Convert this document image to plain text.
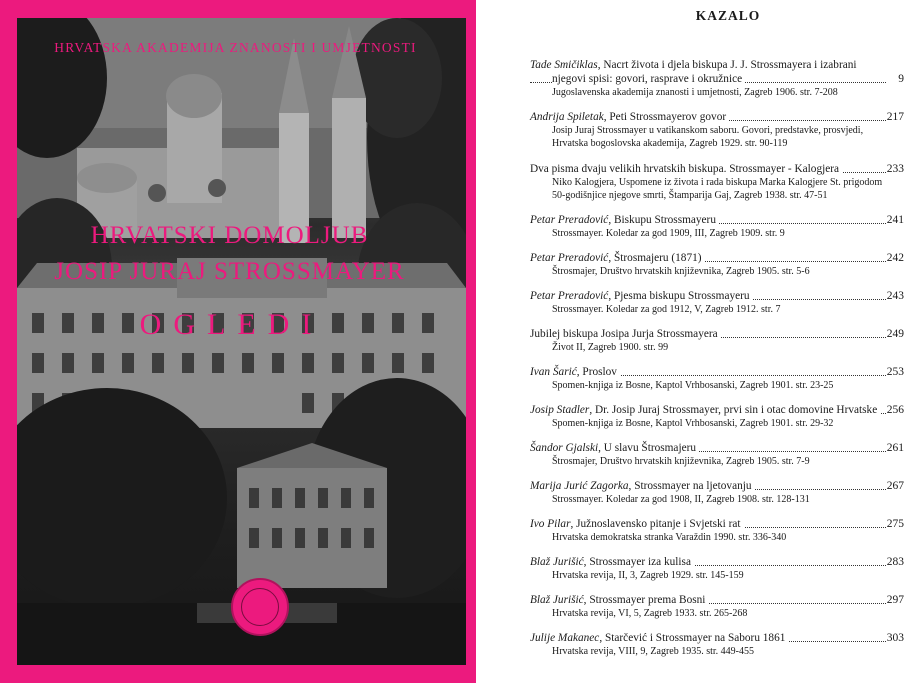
HRVATSKA AKADEMIJA ZNANOSTI I UMJETNOSTI
HRVATSKI DOMOLJUB
JOSIP JURAJ STROSSMAYER
OGLEDI
KAZALO
Tade Smičiklas, Nacrt života i djela biskupa J. J. Strossmayera i izabrani
njegovi spisi: govori, rasprave i okružnice	9
Jugoslavenska akademija znanosti i umjetnosti, Zagreb 1906. str. 7-208
Andrija Spiletak, Peti Strossmayerov govor	217
Josip Juraj Strossmayer u vatikanskom saboru. Govori, predstavke, prosvjedi,
Hrvatska bogoslovska akademija, Zagreb 1929. str. 90-119
Dva pisma dvaju velikih hrvatskih biskupa. Strossmayer - Kalogjera	233
Niko Kalogjera, Uspomene iz života i rada biskupa Marka Kalogjere St. prigodom
50-godišnjice njegove smrti, Štamparija Gaj, Zagreb 1938. str. 47-51
Petar Preradović, Biskupu Strossmayeru	241
Strossmayer. Koledar za god 1909, III, Zagreb 1909. str. 9
Petar Preradović, Štrosmajeru (1871)	242
Štrosmajer, Društvo hrvatskih književnika, Zagreb 1905. str. 5-6
Petar Preradović, Pjesma biskupu Strossmayeru	243
Strossmayer. Koledar za god 1912, V, Zagreb 1912. str. 7
Jubilej biskupa Josipa Jurja Strossmayera	249
Život II, Zagreb 1900. str. 99
Ivan Šarić, Proslov	253
Spomen-knjiga iz Bosne, Kaptol Vrhbosanski, Zagreb 1901. str. 23-25
Josip Stadler, Dr. Josip Juraj Strossmayer, prvi sin i otac domovine Hrvatske 256
Spomen-knjiga iz Bosne, Kaptol Vrhbosanski, Zagreb 1901. str. 29-32
Šandor Gjalski, U slavu Štrosmajeru	261
Štrosmajer, Društvo hrvatskih književnika, Zagreb 1905. str. 7-9
Marija Jurić Zagorka, Strossmayer na ljetovanju	267
Strossmayer. Koledar za god 1908, II, Zagreb 1908. str. 128-131
Ivo Pilar, Južnoslavensko pitanje i Svjetski rat	275
Hrvatska demokratska stranka Varaždin 1990. str. 336-340
Blaž Jurišić, Strossmayer iza kulisa	283
Hrvatska revija, II, 3, Zagreb 1929. str. 145-159
Blaž Jurišić, Strossmayer prema Bosni	297
Hrvatska revija, VI, 5, Zagreb 1933. str. 265-268
Julije Makanec, Starčević i Strossmayer na Saboru 1861	303
Hrvatska revija, VIII, 9, Zagreb 1935. str. 449-455
